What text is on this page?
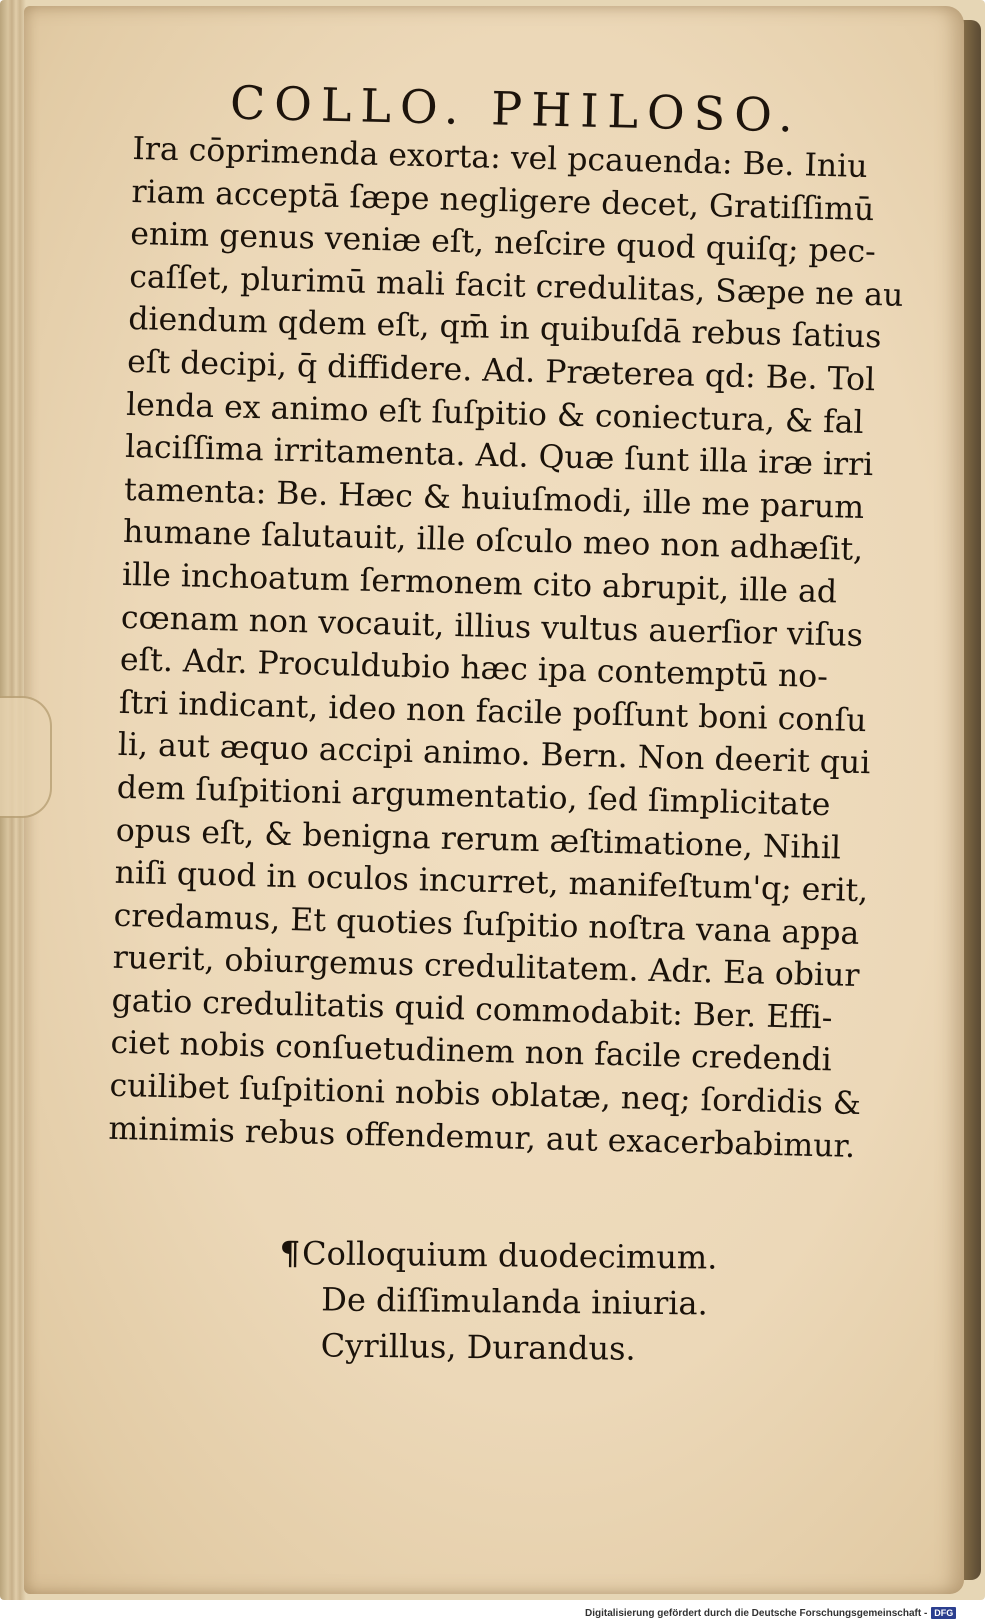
COLLO. PHILOSO.
Ira cōprimenda exorta: vel pcauenda: Be. Iniu
riam acceptā ſæpe negligere decet, Gratiſſimū
enim genus veniæ eſt, neſcire quod quiſq; pec-
caſſet, plurimū mali facit credulitas, Sæpe ne au
diendum qdem eſt, qm̄ in quibuſdā rebus ſatius
eſt decipi, q̄ diffidere. Ad. Præterea qd: Be. Tol
lenda ex animo eſt ſuſpitio & coniectura, & fal
laciſſima irritamenta. Ad. Quæ ſunt illa iræ irri
tamenta: Be. Hæc & huiuſmodi, ille me parum
humane ſalutauit, ille oſculo meo non adhæſit,
ille inchoatum ſermonem cito abrupit, ille ad
cœnam non vocauit, illius vultus auerſior viſus
eſt. Adr. Proculdubio hæc ipa contemptū no-
ſtri indicant, ideo non facile poſſunt boni conſu
li, aut æquo accipi animo. Bern. Non deerit qui
dem ſuſpitioni argumentatio, ſed ſimplicitate
opus eſt, & benigna rerum æſtimatione, Nihil
niſi quod in oculos incurret, manifeſtum'q; erit,
credamus, Et quoties ſuſpitio noſtra vana appa
ruerit, obiurgemus credulitatem. Adr. Ea obiur
gatio credulitatis quid commodabit: Ber. Effi-
ciet nobis conſuetudinem non facile credendi
cuilibet ſuſpitioni nobis oblatæ, neq; ſordidis &
minimis rebus offendemur, aut exacerbabimur.
¶Colloquium duodecimum.
De diſſimulanda iniuria.
Cyrillus, Durandus.
Digitalisierung gefördert durch die Deutsche Forschungsgemeinschaft - DFG
